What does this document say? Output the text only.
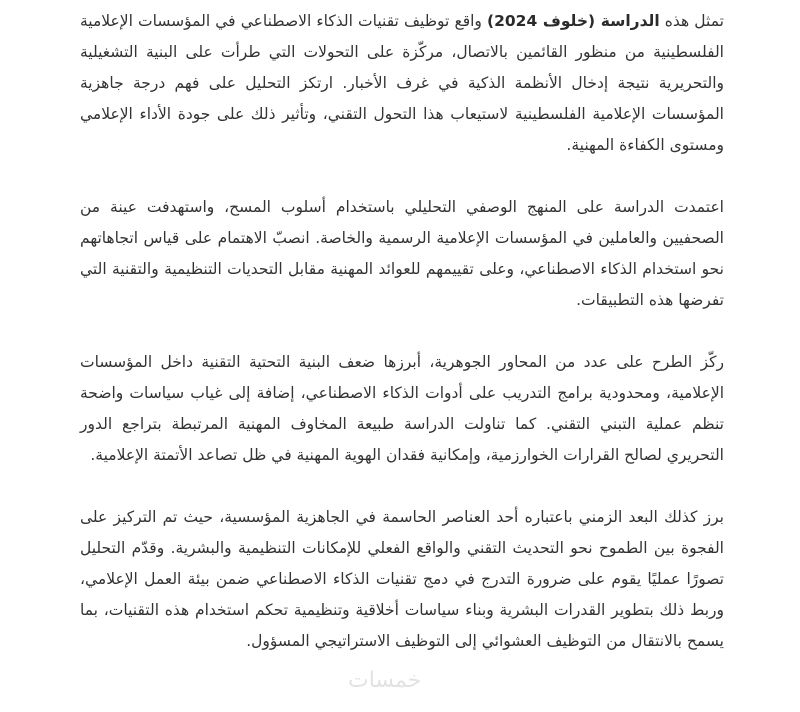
تمثل هذه الدراسة (خلوف 2024) واقع توظيف تقنيات الذكاء الاصطناعي في المؤسسات الإعلامية الفلسطينية من منظور القائمين بالاتصال، مركّزة على التحولات التي طرأت على البنية التشغيلية والتحريرية نتيجة إدخال الأنظمة الذكية في غرف الأخبار. ارتكز التحليل على فهم درجة جاهزية المؤسسات الإعلامية الفلسطينية لاستيعاب هذا التحول التقني، وتأثير ذلك على جودة الأداء الإعلامي ومستوى الكفاءة المهنية.

اعتمدت الدراسة على المنهج الوصفي التحليلي باستخدام أسلوب المسح، واستهدفت عينة من الصحفيين والعاملين في المؤسسات الإعلامية الرسمية والخاصة. انصبّ الاهتمام على قياس اتجاهاتهم نحو استخدام الذكاء الاصطناعي، وعلى تقييمهم للعوائد المهنية مقابل التحديات التنظيمية والتقنية التي تفرضها هذه التطبيقات.

ركّز الطرح على عدد من المحاور الجوهرية، أبرزها ضعف البنية التحتية التقنية داخل المؤسسات الإعلامية، ومحدودية برامج التدريب على أدوات الذكاء الاصطناعي، إضافة إلى غياب سياسات واضحة تنظم عملية التبني التقني. كما تناولت الدراسة طبيعة المخاوف المهنية المرتبطة بتراجع الدور التحريري لصالح القرارات الخوارزمية، وإمكانية فقدان الهوية المهنية في ظل تصاعد الأتمتة الإعلامية.

برز كذلك البعد الزمني باعتباره أحد العناصر الحاسمة في الجاهزية المؤسسية، حيث تم التركيز على الفجوة بين الطموح نحو التحديث التقني والواقع الفعلي للإمكانات التنظيمية والبشرية. وقدّم التحليل تصورًا عمليًا يقوم على ضرورة التدرج في دمج تقنيات الذكاء الاصطناعي ضمن بيئة العمل الإعلامي، وربط ذلك بتطوير القدرات البشرية وبناء سياسات أخلاقية وتنظيمية تحكم استخدام هذه التقنيات، بما يسمح بالانتقال من التوظيف العشوائي إلى التوظيف الاستراتيجي المسؤول.

خمسات
